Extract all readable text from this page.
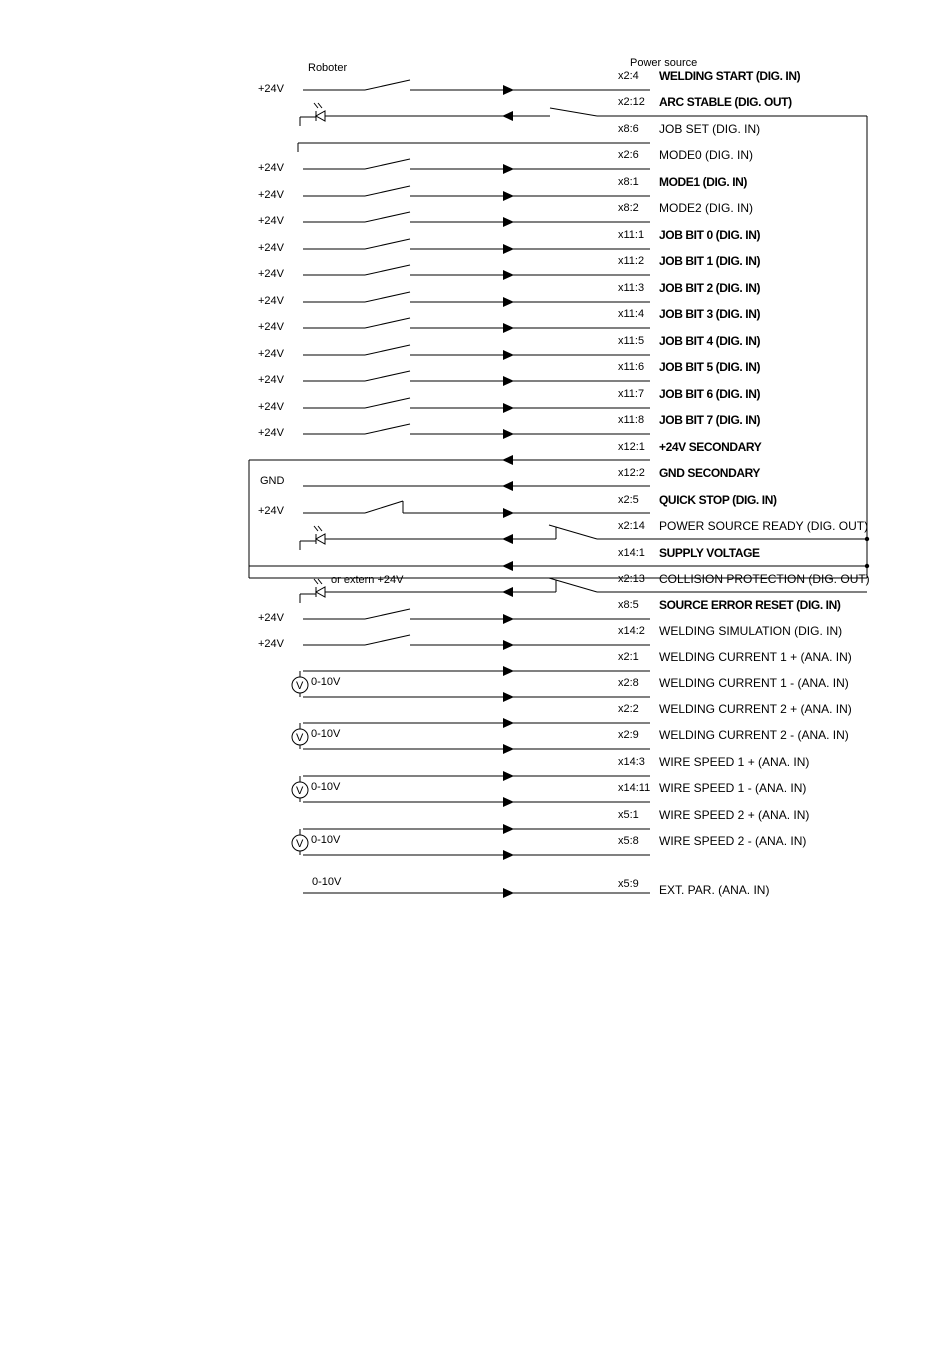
Roboter	Power source
x2:4 WELDING START (DIG. IN)
+24V
x2:12 ARC STABLE (DIG. OUT)
x8:6 JOB SET (DIG. IN)
x2:6 MODE0 (DIG. IN)
+24V
x8:1 MODE1 (DIG. IN)
+24V
x8:2 MODE2 (DIG. IN)
+24V
x11:1 JOB BIT 0 (DIG. IN)
+24V
x11:2 JOB BIT 1 (DIG. IN)
+24V
x11:3 JOB BIT 2 (DIG. IN)
+24V
x11:4 JOB BIT 3 (DIG. IN)
+24V
x11:5 JOB BIT 4 (DIG. IN)
+24V
x11:6 JOB BIT 5 (DIG. IN)
+24V
x11:7 JOB BIT 6 (DIG. IN)
+24V
x11:8 JOB BIT 7 (DIG. IN)
+24V
x12:1 +24V SECONDARY
x12:2 GND SECONDARY
GND
x2:5 QUICK STOP (DIG. IN)
+24V
x2:14 POWER SOURCE READY (DIG. OUT)
x14:1 SUPPLY VOLTAGE
x2:13 COLLISION PROTECTION (DIG. OUT)
x8:5 SOURCE ERROR RESET (DIG. IN)
+24V
x14:2 WELDING SIMULATION (DIG. IN)
+24V
x2:1 WELDING CURRENT 1 + (ANA. IN)
x2:8 WELDING CURRENT 1 - (ANA. IN)
x2:2 WELDING CURRENT 2 + (ANA. IN)
x2:9 WELDING CURRENT 2 - (ANA. IN)
x14:3 WIRE SPEED 1 + (ANA. IN)
x14:11 WIRE SPEED 1 - (ANA. IN)
x5:1 WIRE SPEED 2 + (ANA. IN)
x5:8 WIRE SPEED 2 - (ANA. IN)
x5:9 EXT. PAR. (ANA. IN)
or extern +24V
V 0-10V
V 0-10V
V 0-10V
V 0-10V
0-10V
